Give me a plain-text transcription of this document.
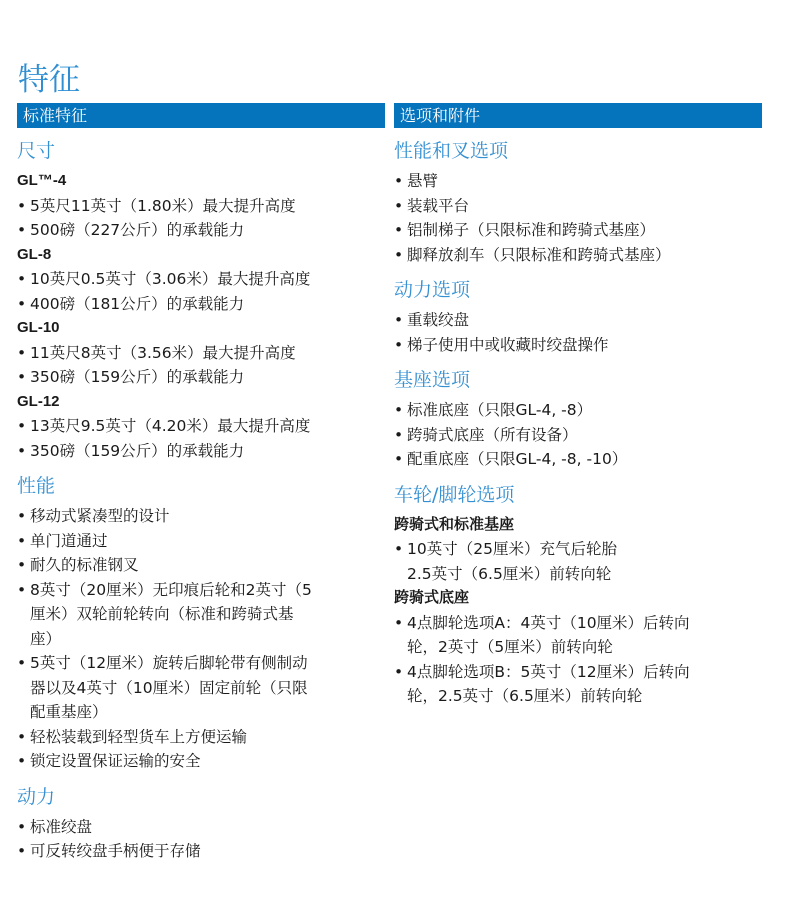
特征
标准特征
尺寸
GL™-4
• 5英尺11英寸（1.80米）最大提升高度
• 500磅（227公斤）的承载能力
GL-8
• 10英尺0.5英寸（3.06米）最大提升高度
• 400磅（181公斤）的承载能力
GL-10
• 11英尺8英寸（3.56米）最大提升高度
• 350磅（159公斤）的承载能力
GL-12
• 13英尺9.5英寸（4.20米）最大提升高度
• 350磅（159公斤）的承载能力
性能
• 移动式紧凑型的设计
• 单门道通过
• 耐久的标准钢叉
• 8英寸（20厘米）无印痕后轮和2英寸（5
厘米）双轮前轮转向（标准和跨骑式基
座）
• 5英寸（12厘米）旋转后脚轮带有侧制动
器以及4英寸（10厘米）固定前轮（只限
配重基座）
• 轻松装载到轻型货车上方便运输
• 锁定设置保证运输的安全
动力
• 标准绞盘
• 可反转绞盘手柄便于存储
选项和附件
性能和叉选项
• 悬臂
• 装载平台
• 铝制梯子（只限标准和跨骑式基座）
• 脚释放刹车（只限标准和跨骑式基座）
动力选项
• 重载绞盘
• 梯子使用中或收藏时绞盘操作
基座选项
• 标准底座（只限GL-4, -8）
• 跨骑式底座（所有设备）
• 配重底座（只限GL-4, -8, -10）
车轮/脚轮选项
跨骑式和标准基座
• 10英寸（25厘米）充气后轮胎
2.5英寸（6.5厘米）前转向轮
跨骑式底座
• 4点脚轮选项A：4英寸（10厘米）后转向
轮，2英寸（5厘米）前转向轮
• 4点脚轮选项B：5英寸（12厘米）后转向
轮，2.5英寸（6.5厘米）前转向轮
